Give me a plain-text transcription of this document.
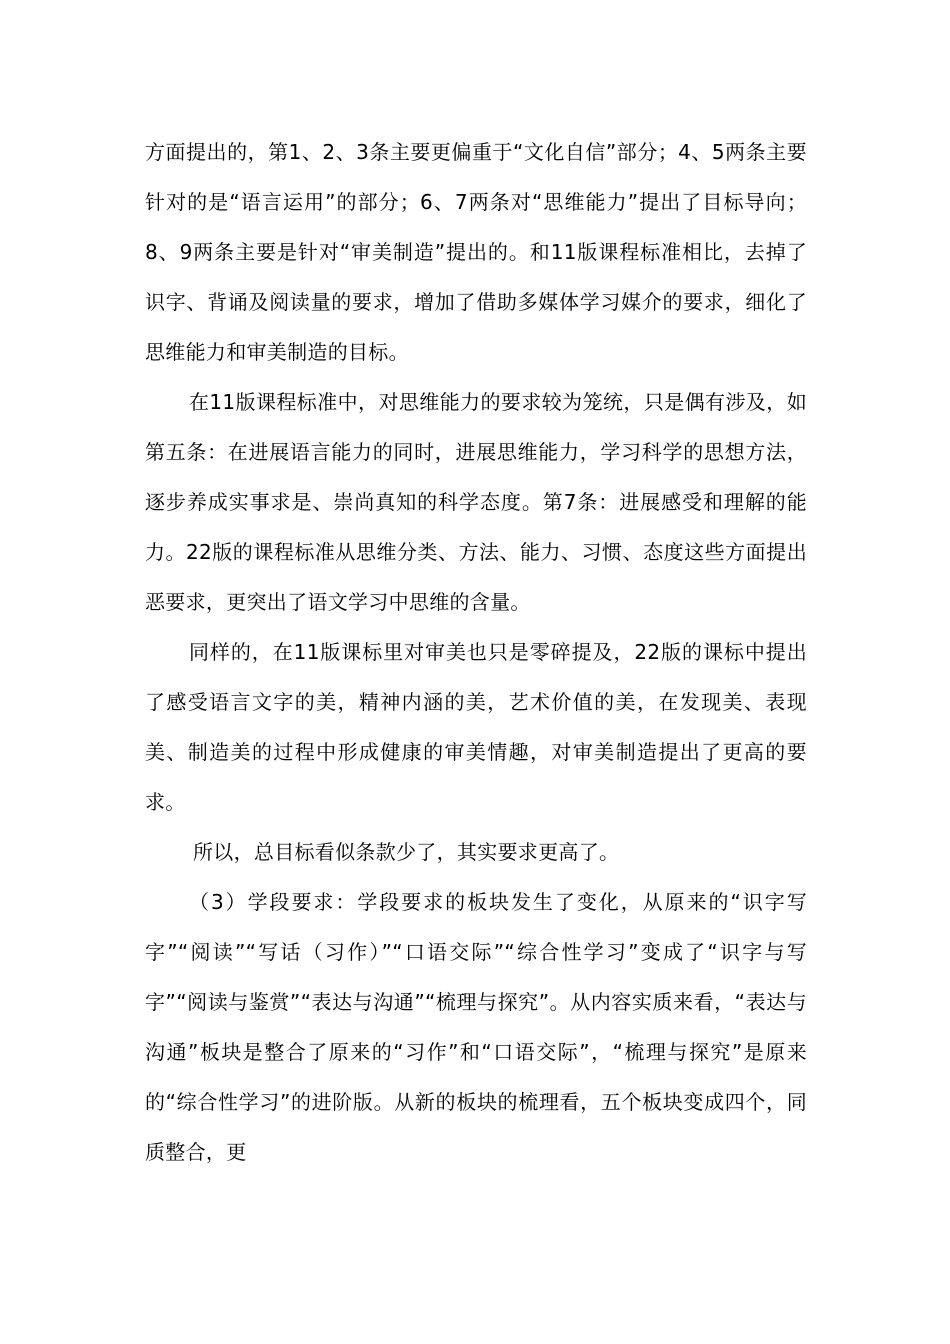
方面提出的，第1、2、3条主要更偏重于“文化自信”部分；4、5两条主要针对的是“语言运用”的部分；6、7两条对“思维能力”提出了目标导向；8、9两条主要是针对“审美制造”提出的。和11版课程标准相比，去掉了识字、背诵及阅读量的要求，增加了借助多媒体学习媒介的要求，细化了思维能力和审美制造的目标。

在11版课程标准中，对思维能力的要求较为笼统，只是偶有涉及，如第五条：在进展语言能力的同时，进展思维能力，学习科学的思想方法，逐步养成实事求是、崇尚真知的科学态度。第7条：进展感受和理解的能力。22版的课程标准从思维分类、方法、能力、习惯、态度这些方面提出恶要求，更突出了语文学习中思维的含量。

同样的，在11版课标里对审美也只是零碎提及，22版的课标中提出了感受语言文字的美，精神内涵的美，艺术价值的美，在发现美、表现美、制造美的过程中形成健康的审美情趣，对审美制造提出了更高的要求。

所以，总目标看似条款少了，其实要求更高了。

（3）学段要求：学段要求的板块发生了变化，从原来的“识字写字”“阅读”“写话（习作）”“口语交际”“综合性学习”变成了“识字与写字”“阅读与鉴赏”“表达与沟通”“梳理与探究”。从内容实质来看，“表达与沟通”板块是整合了原来的“习作”和“口语交际”，“梳理与探究”是原来的“综合性学习”的进阶版。从新的板块的梳理看，五个板块变成四个，同质整合，更
